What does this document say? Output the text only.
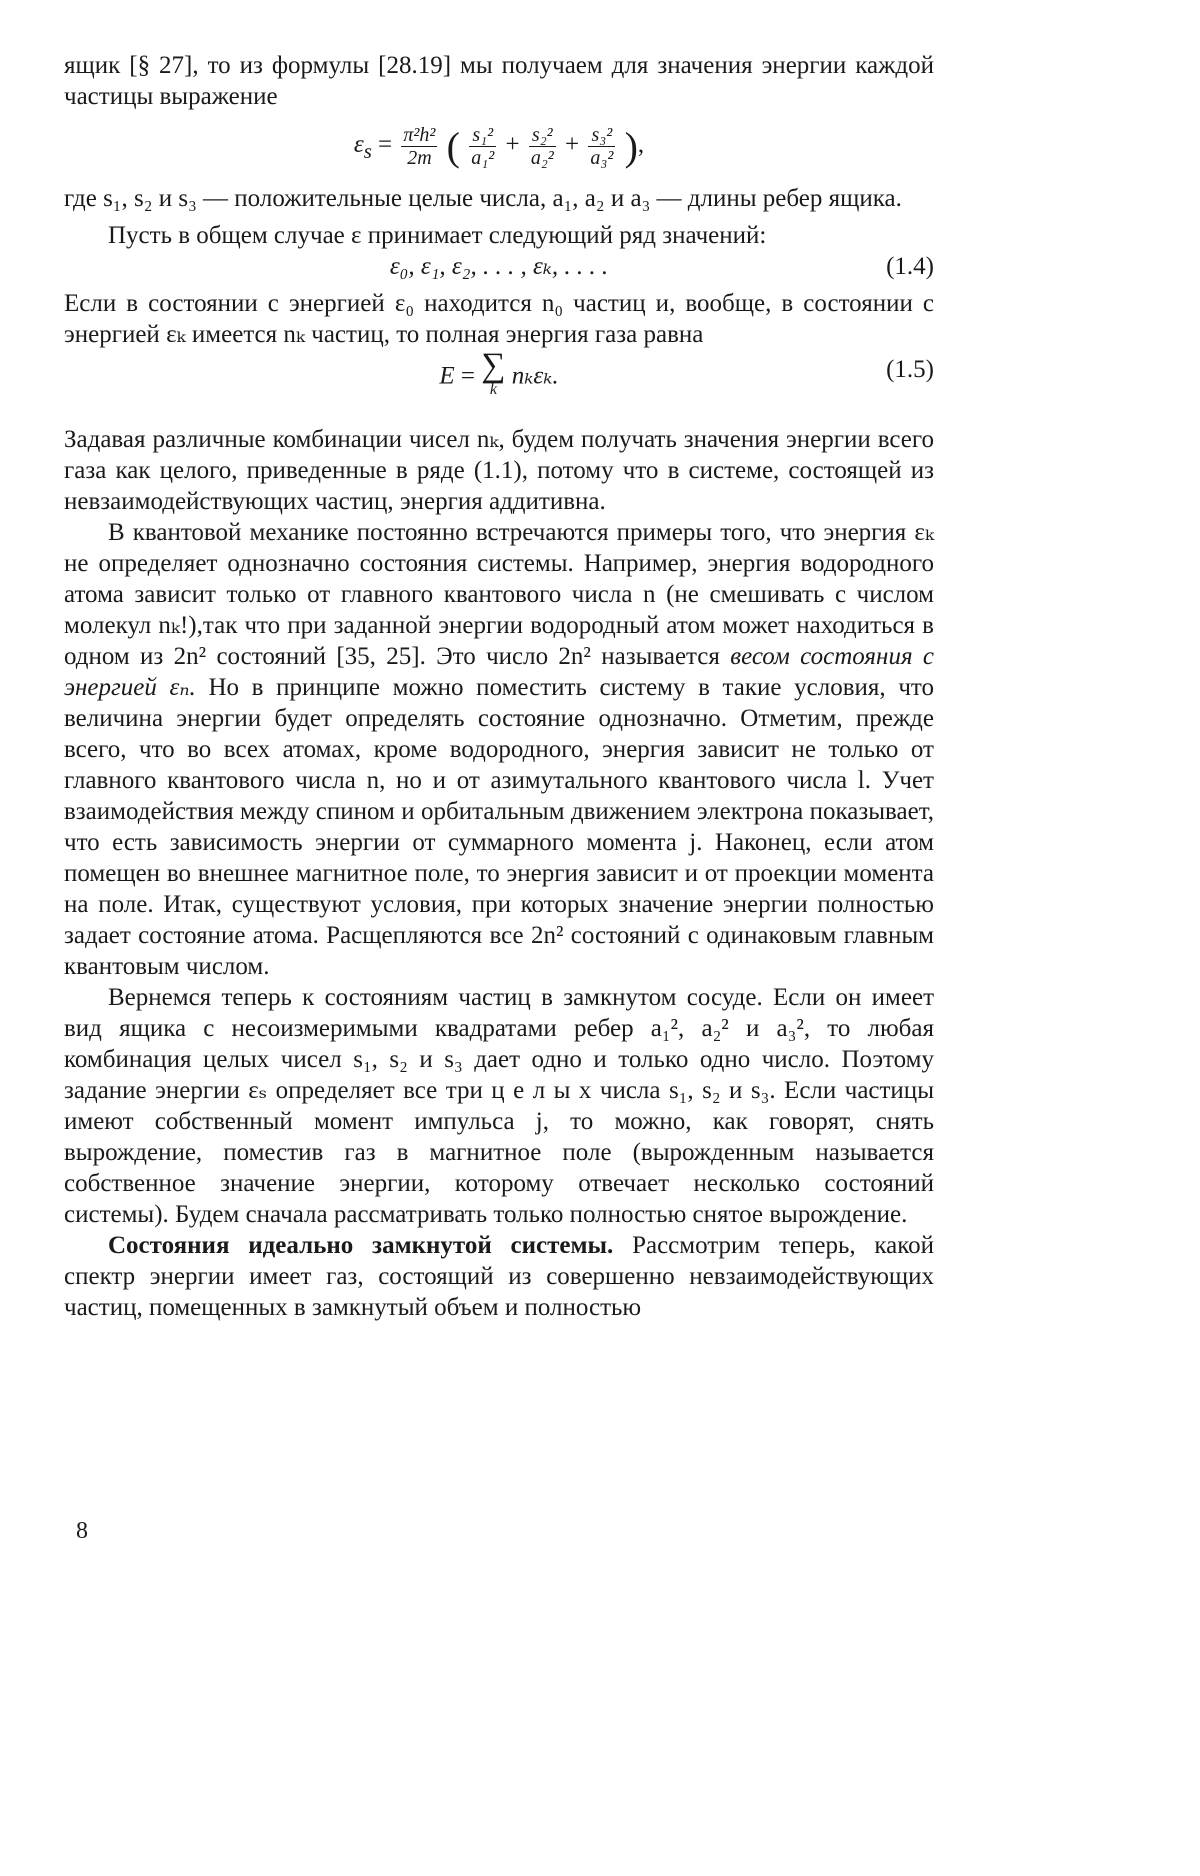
ящик [§ 27], то из формулы [28.19] мы получаем для значения энергии каждой частицы выражение

$\varepsilon_s = \frac{\text{π²h²}}{2m}$ ( $\frac{\text{s₁²}}{\text{a₁²}} + \frac{\text{s₂²}}{\text{a₂²}} + \frac{\text{s₃²}}{\text{a₃²}}$ ),

где s₁, s₂ и s₃ — положительные целые числа, a₁, a₂ и a₃ — длины ребер ящика.

Пусть в общем случае ε принимает следующий ряд значений:

ε₀, ε₁, ε₂, . . . , εₖ, . . . .	(1.4)

Если в состоянии с энергией ε₀ находится n₀ частиц и, вообще, в состоянии с энергией εₖ имеется nₖ частиц, то полная энергия газа равна

E = ∑
k nₖεₖ.	(1.5)

Задавая различные комбинации чисел nₖ, будем получать значения энергии всего газа как целого, приведенные в ряде (1.1), потому что в системе, состоящей из невзаимодействующих частиц, энергия аддитивна.

В квантовой механике постоянно встречаются примеры того, что энергия εₖ не определяет однозначно состояния системы. Например, энергия водородного атома зависит только от главного квантового числа n (не смешивать с числом молекул nₖ!),так что при заданной энергии водородный атом может находиться в одном из 2n² состояний [35, 25]. Это число 2n² называется весом состояния с энергией εₙ. Но в принципе можно поместить систему в такие условия, что величина энергии будет определять состояние однозначно. Отметим, прежде всего, что во всех атомах, кроме водородного, энергия зависит не только от главного квантового числа n, но и от азимутального квантового числа l. Учет взаимодействия между спином и орбитальным движением электрона показывает, что есть зависимость энергии от суммарного момента j. Наконец, если атом помещен во внешнее магнитное поле, то энергия зависит и от проекции момента на поле. Итак, существуют условия, при которых значение энергии полностью задает состояние атома. Расщепляются все 2n² состояний с одинаковым главным квантовым числом.

Вернемся теперь к состояниям частиц в замкнутом сосуде. Если он имеет вид ящика с несоизмеримыми квадратами ребер a₁², a₂² и a₃², то любая комбинация целых чисел s₁, s₂ и s₃ дает одно и только одно число. Поэтому задание энергии εₛ определяет все три ц е л ы х числа s₁, s₂ и s₃. Если частицы имеют собственный момент импульса j, то можно, как говорят, снять вырождение, поместив газ в магнитное поле (вырожденным называется собственное значение энергии, которому отвечает несколько состояний системы). Будем сначала рассматривать только полностью снятое вырождение.

Состояния идеально замкнутой системы. Рассмотрим теперь, какой спектр энергии имеет газ, состоящий из совершенно невзаимодействующих частиц, помещенных в замкнутый объем и полностью

8
